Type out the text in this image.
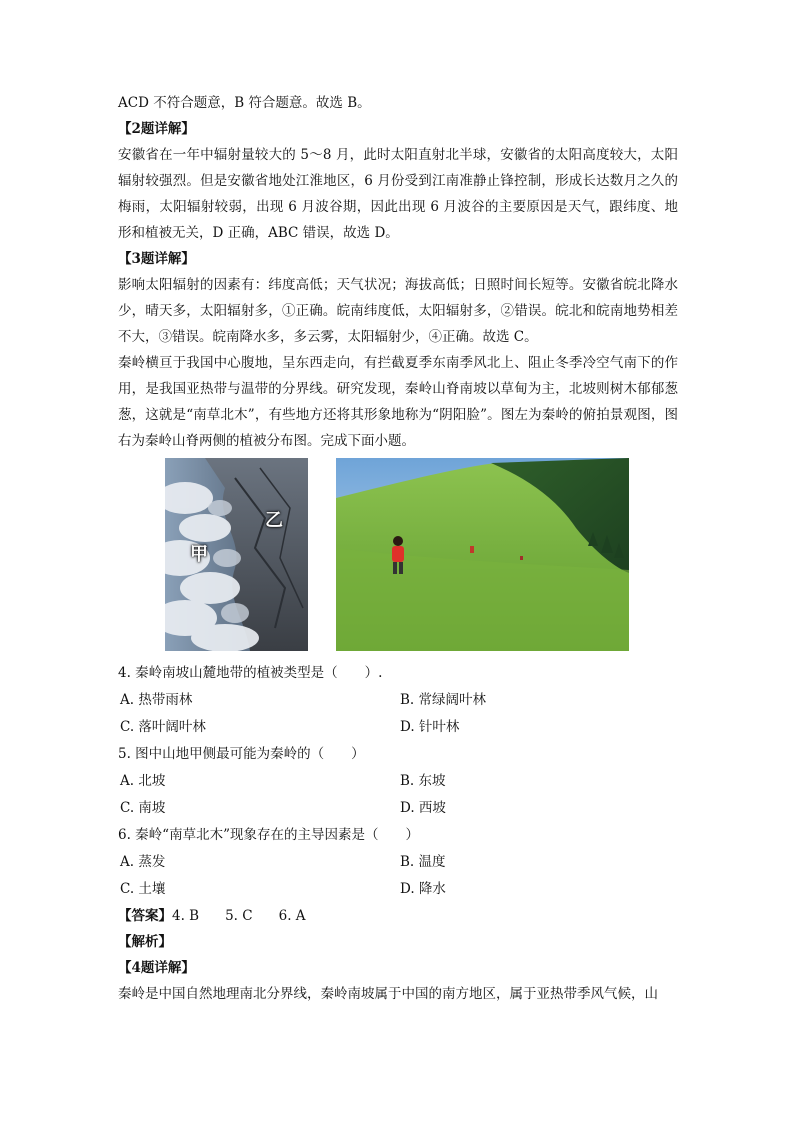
ACD 不符合题意，B 符合题意。故选 B。

【2题详解】

安徽省在一年中辐射量较大的 5～8 月，此时太阳直射北半球，安徽省的太阳高度较大，太阳辐射较强烈。但是安徽省地处江淮地区，6 月份受到江南准静止锋控制，形成长达数月之久的梅雨，太阳辐射较弱，出现 6 月波谷期，因此出现 6 月波谷的主要原因是天气，跟纬度、地形和植被无关，D 正确，ABC 错误，故选 D。

【3题详解】

影响太阳辐射的因素有：纬度高低；天气状况；海拔高低；日照时间长短等。安徽省皖北降水少，晴天多，太阳辐射多，①正确。皖南纬度低，太阳辐射多，②错误。皖北和皖南地势相差不大，③错误。皖南降水多，多云雾，太阳辐射少，④正确。故选 C。

秦岭横亘于我国中心腹地，呈东西走向，有拦截夏季东南季风北上、阻止冬季冷空气南下的作用，是我国亚热带与温带的分界线。研究发现，秦岭山脊南坡以草甸为主，北坡则树木郁郁葱葱，这就是“南草北木”，有些地方还将其形象地称为“阴阳脸”。图左为秦岭的俯拍景观图，图右为秦岭山脊两侧的植被分布图。完成下面小题。

乙
甲

4. 秦岭南坡山麓地带的植被类型是（　　）.

A. 热带雨林	B. 常绿阔叶林
C. 落叶阔叶林	D. 针叶林

5. 图中山地甲侧最可能为秦岭的（　　）

A. 北坡	B. 东坡
C. 南坡	D. 西坡

6. 秦岭“南草北木”现象存在的主导因素是（　　）

A. 蒸发	B. 温度
C. 土壤	D. 降水

【答案】4. B 5. C 6. A

【解析】

【4题详解】

秦岭是中国自然地理南北分界线，秦岭南坡属于中国的南方地区，属于亚热带季风气候，山
